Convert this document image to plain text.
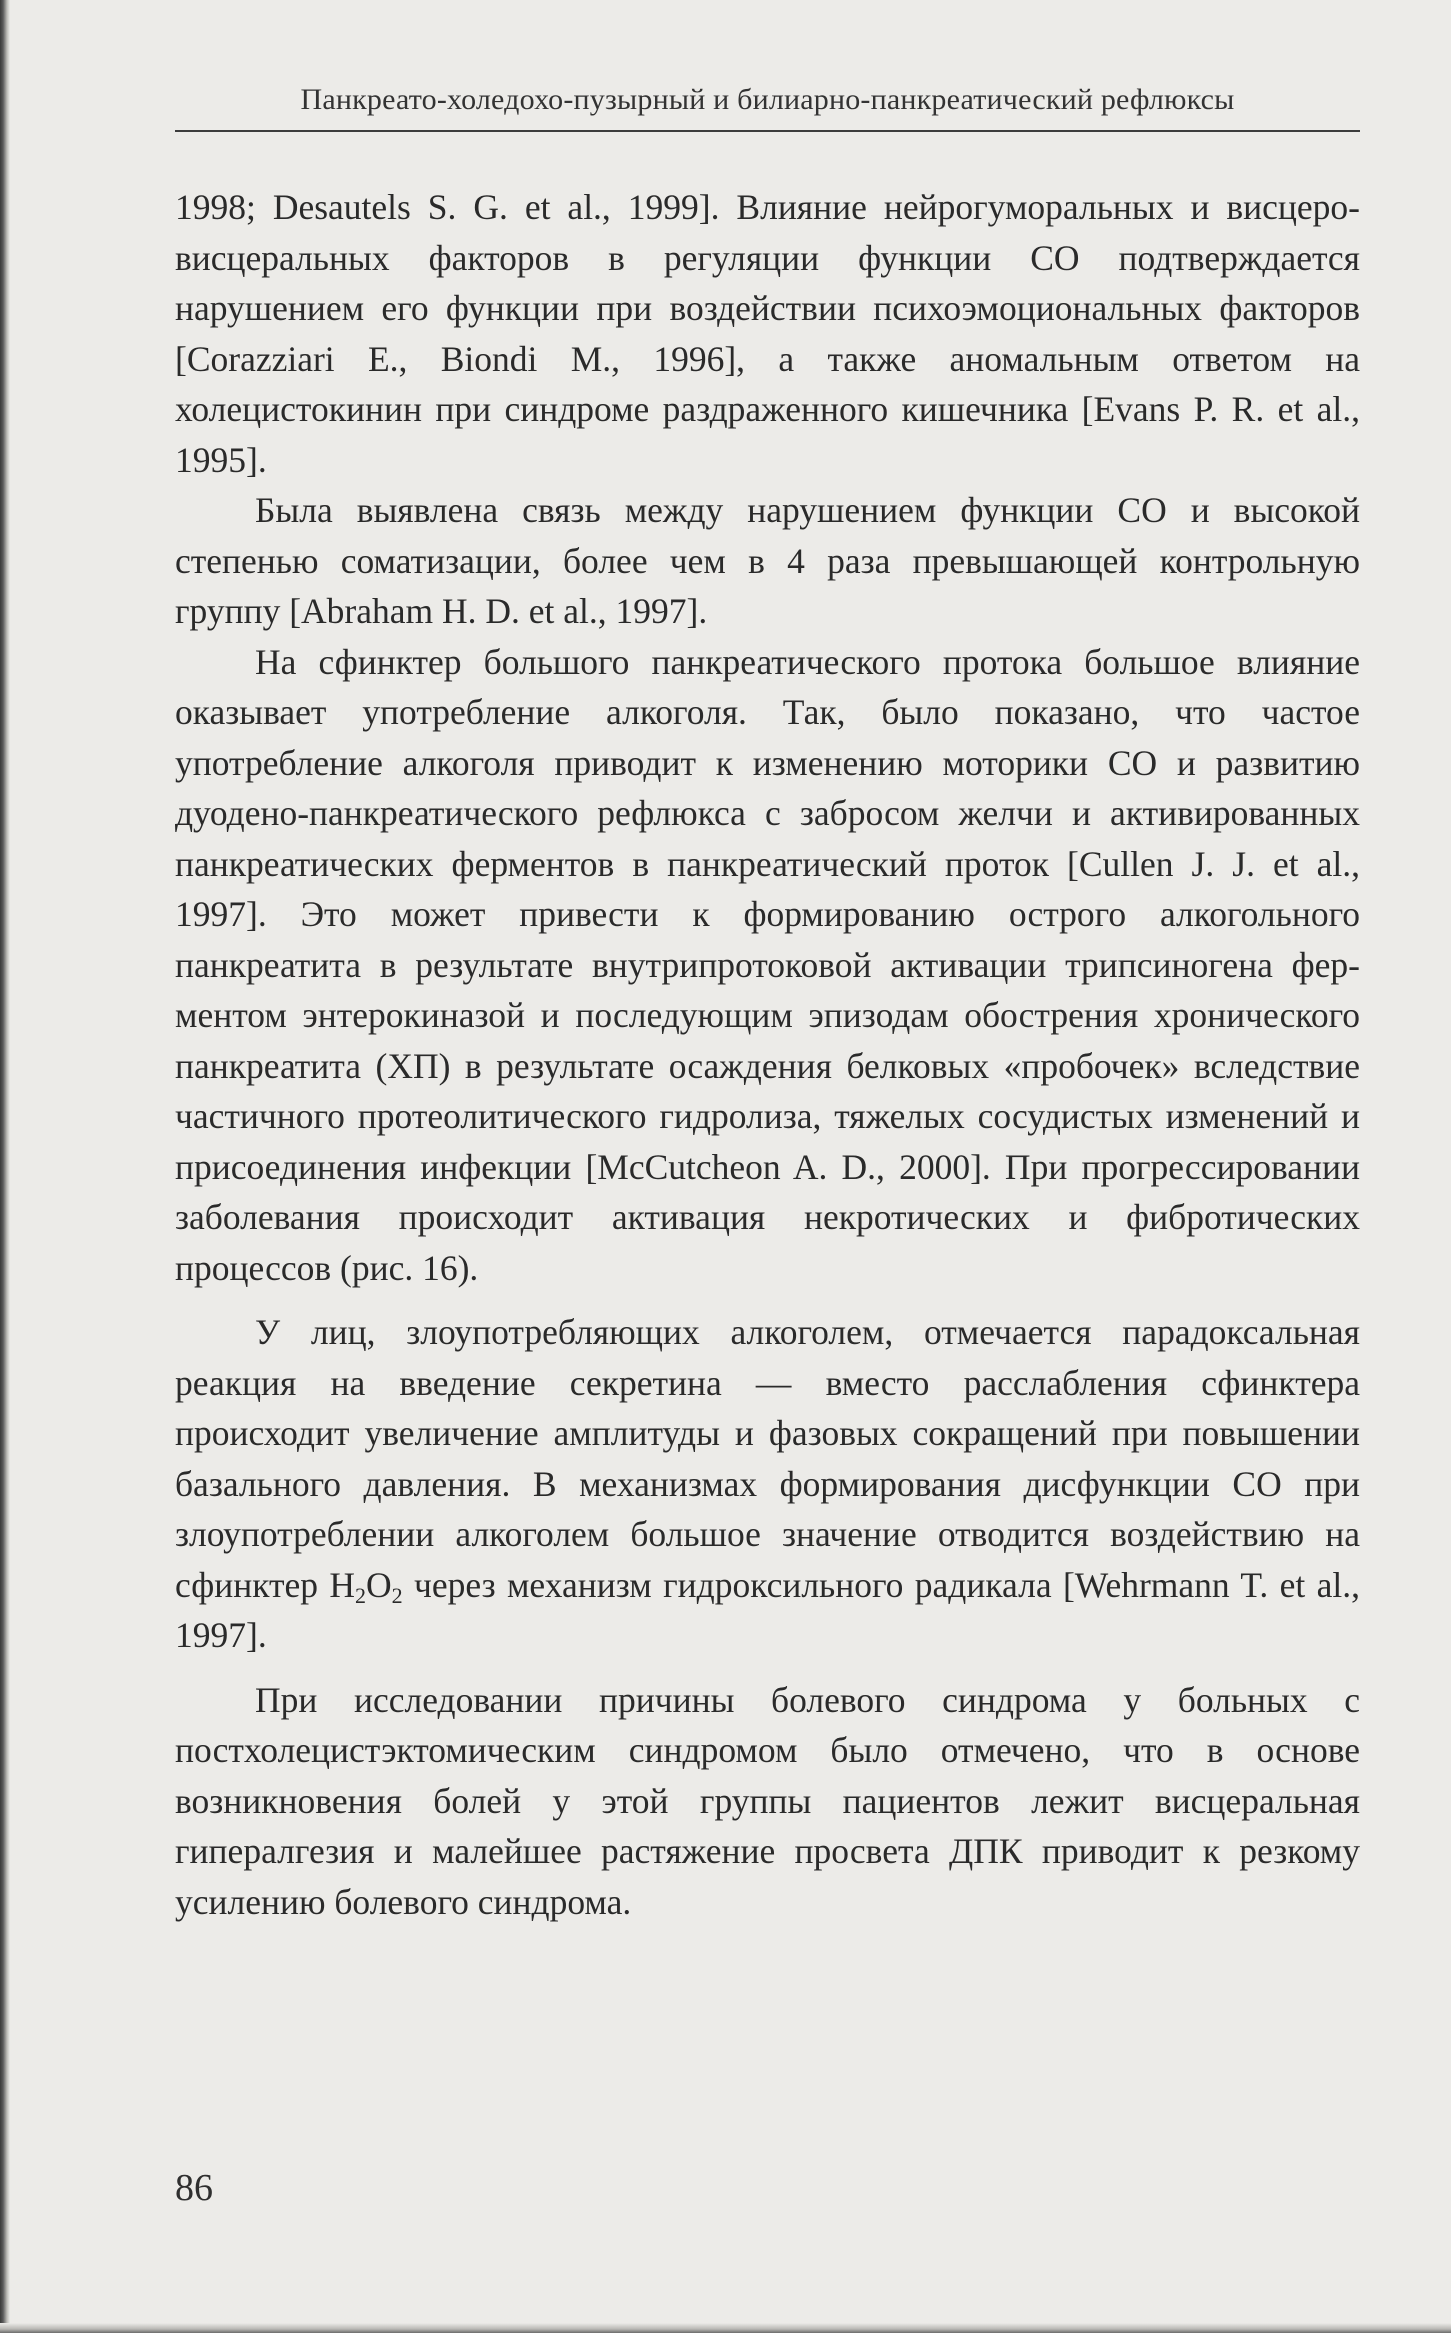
Панкреато-холедохо-пузырный и билиарно-панкреатический рефлюксы

1998; Desautels S. G. et al., 1999]. Влияние нейрогуморальных и висцеро-висцеральных факторов в регуляции функции СО подтверждается нарушением его функции при воздействии психоэмоциональных факторов [Corazziari E., Biondi M., 1996], а также аномальным ответом на холецистокинин при синдроме раздраженного кишечника [Evans P. R. et al., 1995].

Была выявлена связь между нарушением функции СО и высокой степенью соматизации, более чем в 4 раза превышающей контрольную группу [Abraham H. D. et al., 1997].

На сфинктер большого панкреатического протока большое влияние оказывает употребление алкоголя. Так, было показано, что частое употребление алкоголя приводит к изменению моторики СО и развитию дуодено-панкреатического рефлюкса с забросом желчи и активированных панкреатических ферментов в панкреатический проток [Cullen J. J. et al., 1997]. Это может привести к формированию острого алкогольного панкреатита в результате внутрипротоковой активации трипсиногена ферментом энтерокиназой и последующим эпизодам обострения хронического панкреатита (ХП) в результате осаждения белковых «пробочек» вследствие частичного протеолитического гидролиза, тяжелых сосудистых изменений и присоединения инфекции [McCutcheon A. D., 2000]. При прогрессировании заболевания происходит активация некротических и фибротических процессов (рис. 16).

У лиц, злоупотребляющих алкоголем, отмечается парадоксальная реакция на введение секретина — вместо расслабления сфинктера происходит увеличение амплитуды и фазовых сокращений при повышении базального давления. В механизмах формирования дисфункции СО при злоупотреблении алкоголем большое значение отводится воздействию на сфинктер $H_2O_2$ через механизм гидроксильного радикала [Wehrmann T. et al., 1997].

При исследовании причины болевого синдрома у больных с постхолецистэктомическим синдромом было отмечено, что в основе возникновения болей у этой группы пациентов лежит висцеральная гипералгезия и малейшее растяжение просвета ДПК приводит к резкому усилению болевого синдрома.

86
